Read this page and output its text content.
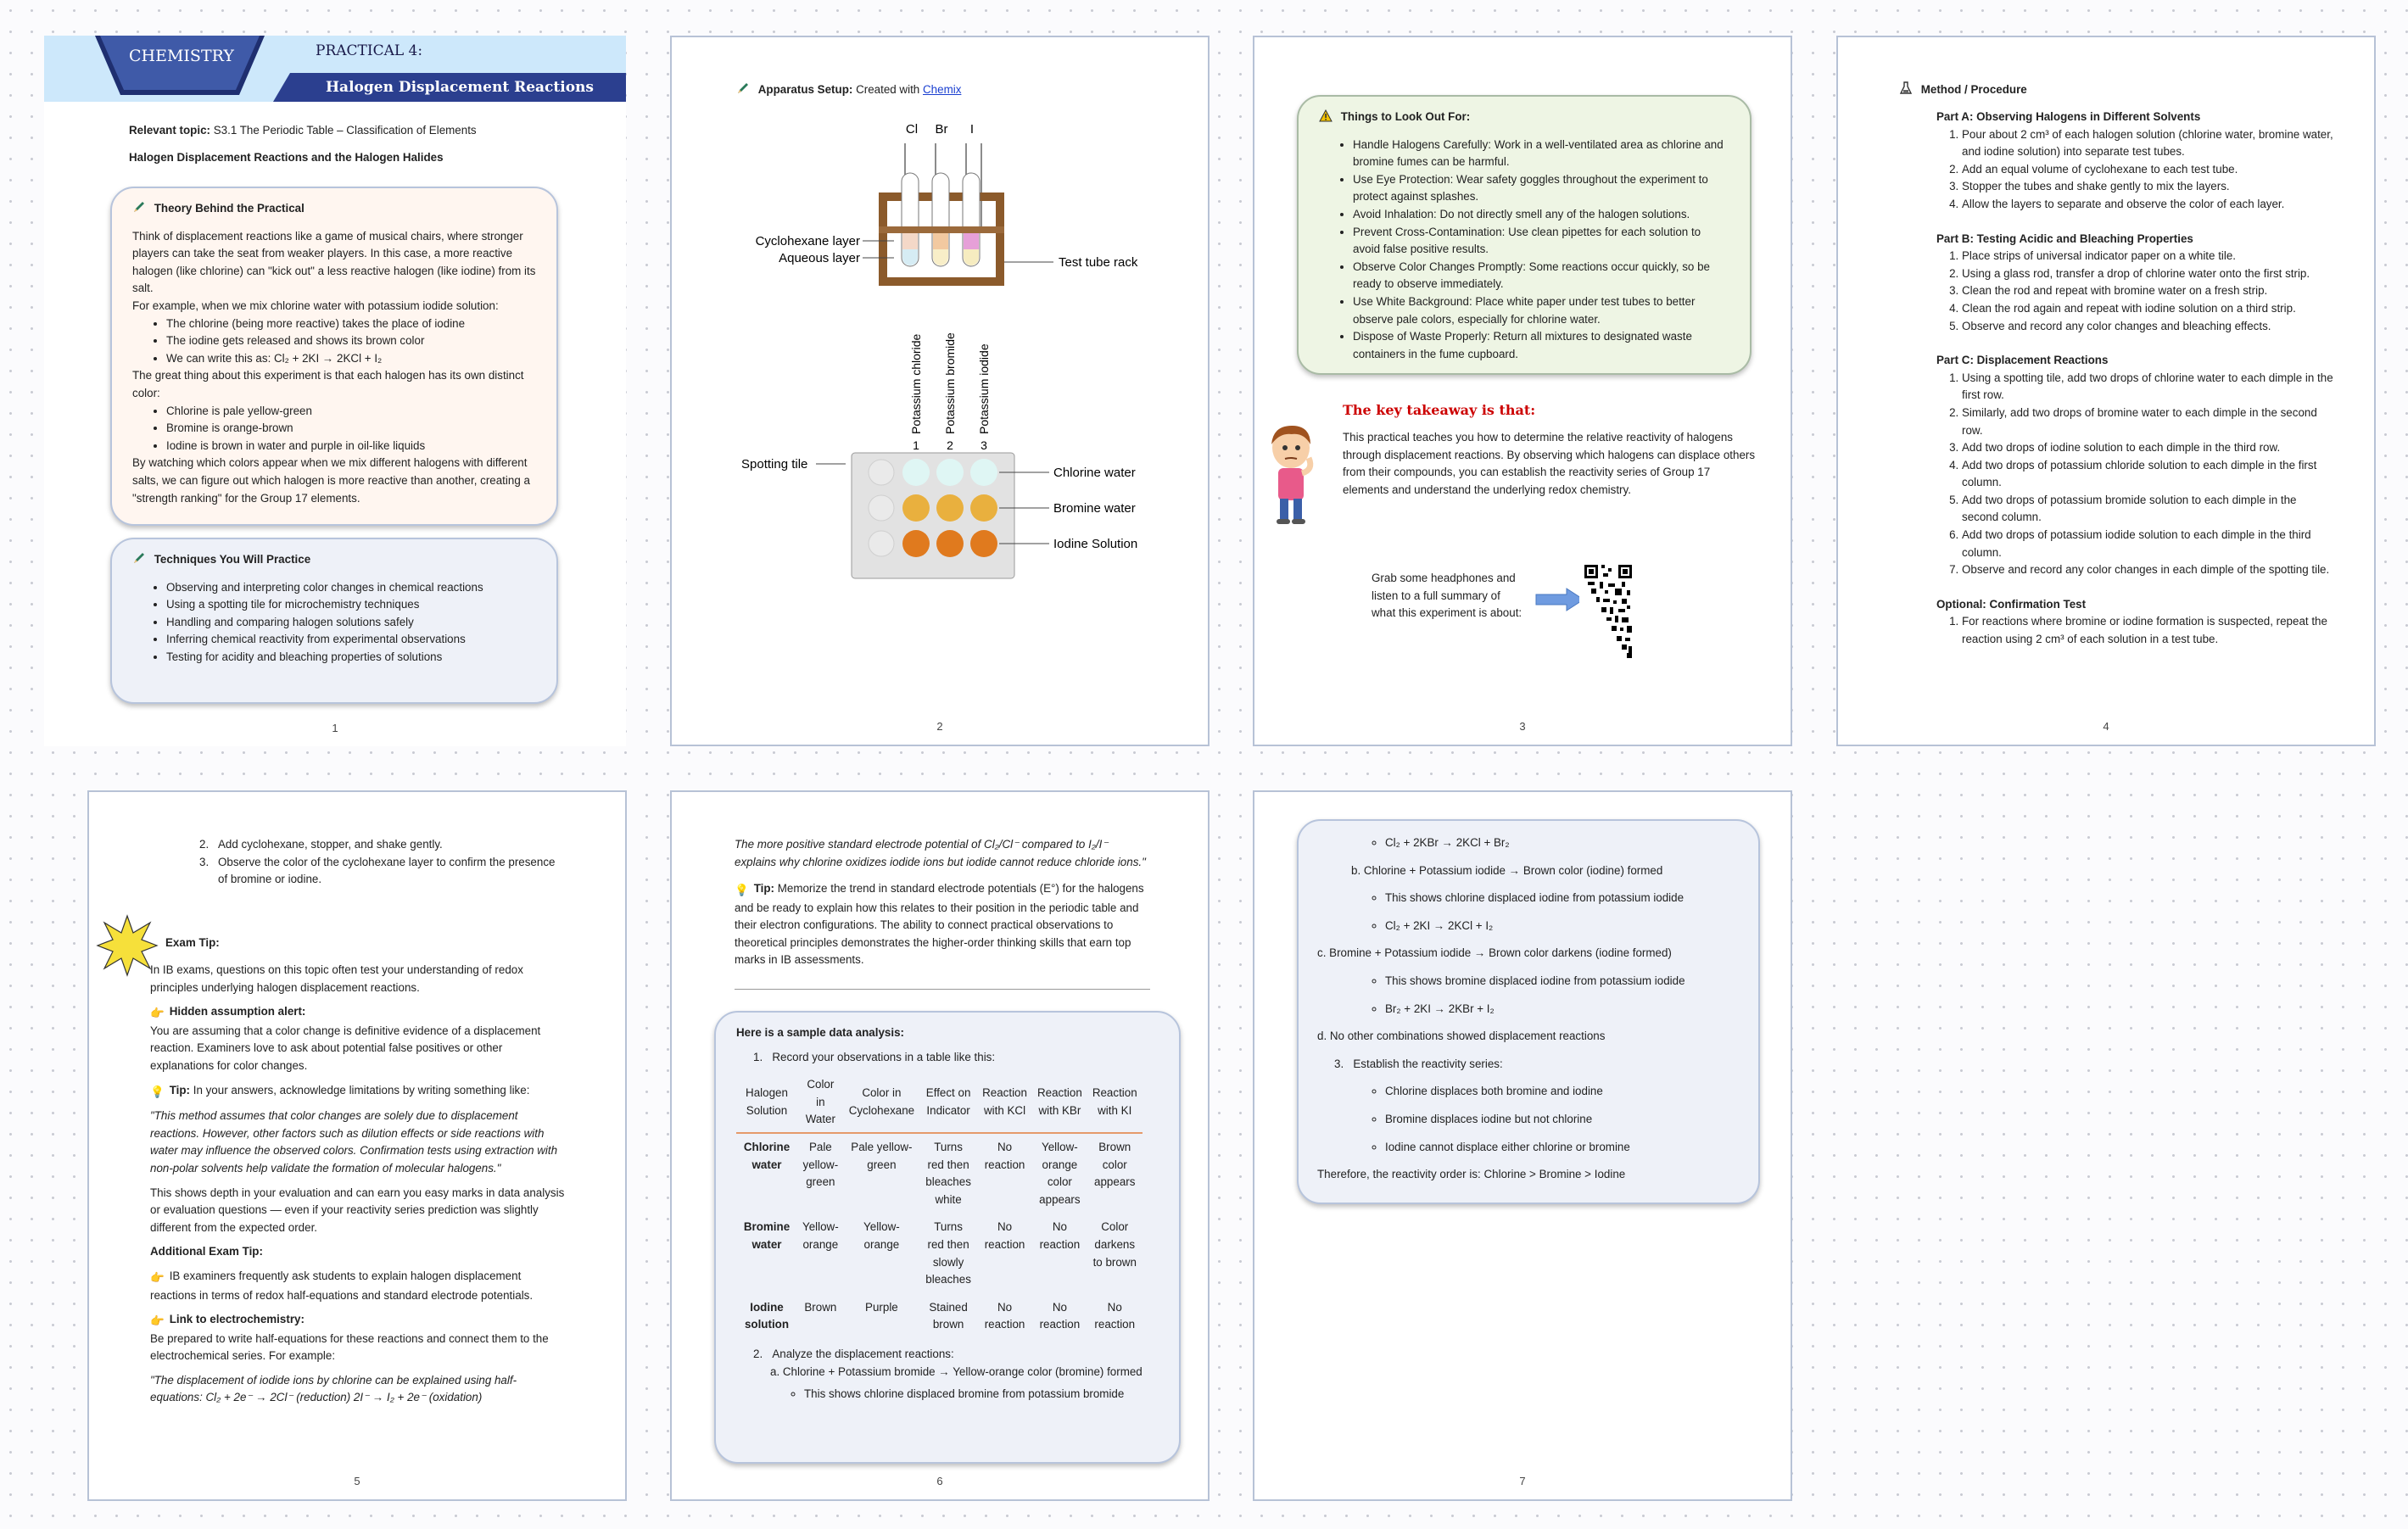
CHEMISTRY	PRACTICAL 4:
Halogen Displacement Reactions
Relevant topic: S3.1 The Periodic Table – Classification of Elements
Halogen Displacement Reactions and the Halogen Halides
Theory Behind the Practical
Think of displacement reactions like a game of musical chairs, where stronger players can take the seat from weaker players. In this case, a more reactive halogen (like chlorine) can "kick out" a less reactive halogen (like iodine) from its salt.
For example, when we mix chlorine water with potassium iodide solution:
• The chlorine (being more reactive) takes the place of iodine
• The iodine gets released and shows its brown color
• We can write this as: Cl₂ + 2KI → 2KCl + I₂
The great thing about this experiment is that each halogen has its own distinct color:
• Chlorine is pale yellow-green
• Bromine is orange-brown
• Iodine is brown in water and purple in oil-like liquids
By watching which colors appear when we mix different halogens with different salts, we can figure out which halogen is more reactive than another, creating a "strength ranking" for the Group 17 elements.
Techniques You Will Practice
• Observing and interpreting color changes in chemical reactions
• Using a spotting tile for microchemistry techniques
• Handling and comparing halogen solutions safely
• Inferring chemical reactivity from experimental observations
• Testing for acidity and bleaching properties of solutions
1
Apparatus Setup: Created with Chemix
Cl Br I
Cyclohexane layer
Aqueous layer	Test tube rack
Potassium chloride Potassium bromide Potassium iodide
1 2 3
Spotting tile
Chlorine water
Bromine water
Iodine Solution
2
Things to Look Out For:
• Handle Halogens Carefully: Work in a well-ventilated area as chlorine and bromine fumes can be harmful.
• Use Eye Protection: Wear safety goggles throughout the experiment to protect against splashes.
• Avoid Inhalation: Do not directly smell any of the halogen solutions.
• Prevent Cross-Contamination: Use clean pipettes for each solution to avoid false positive results.
• Observe Color Changes Promptly: Some reactions occur quickly, so be ready to observe immediately.
• Use White Background: Place white paper under test tubes to better observe pale colors, especially for chlorine water.
• Dispose of Waste Properly: Return all mixtures to designated waste containers in the fume cupboard.
The key takeaway is that:
This practical teaches you how to determine the relative reactivity of halogens through displacement reactions. By observing which halogens can displace others from their compounds, you can establish the reactivity series of Group 17 elements and understand the underlying redox chemistry.
Grab some headphones and listen to a full summary of what this experiment is about:
3
Method / Procedure
Part A: Observing Halogens in Different Solvents
1. Pour about 2 cm³ of each halogen solution (chlorine water, bromine water, and iodine solution) into separate test tubes.
2. Add an equal volume of cyclohexane to each test tube.
3. Stopper the tubes and shake gently to mix the layers.
4. Allow the layers to separate and observe the color of each layer.
Part B: Testing Acidic and Bleaching Properties
1. Place strips of universal indicator paper on a white tile.
2. Using a glass rod, transfer a drop of chlorine water onto the first strip.
3. Clean the rod and repeat with bromine water on a fresh strip.
4. Clean the rod again and repeat with iodine solution on a third strip.
5. Observe and record any color changes and bleaching effects.
Part C: Displacement Reactions
1. Using a spotting tile, add two drops of chlorine water to each dimple in the first row.
2. Similarly, add two drops of bromine water to each dimple in the second row.
3. Add two drops of iodine solution to each dimple in the third row.
4. Add two drops of potassium chloride solution to each dimple in the first column.
5. Add two drops of potassium bromide solution to each dimple in the second column.
6. Add two drops of potassium iodide solution to each dimple in the third column.
7. Observe and record any color changes in each dimple of the spotting tile.
Optional: Confirmation Test
1. For reactions where bromine or iodine formation is suspected, repeat the reaction using 2 cm³ of each solution in a test tube.
4
2. Add cyclohexane, stopper, and shake gently.
3. Observe the color of the cyclohexane layer to confirm the presence of bromine or iodine.
Exam Tip:
In IB exams, questions on this topic often test your understanding of redox principles underlying halogen displacement reactions.
👉 Hidden assumption alert:
You are assuming that a color change is definitive evidence of a displacement reaction. Examiners love to ask about potential false positives or other explanations for color changes.
💡 Tip: In your answers, acknowledge limitations by writing something like:
"This method assumes that color changes are solely due to displacement reactions. However, other factors such as dilution effects or side reactions with water may influence the observed colors. Confirmation tests using extraction with non-polar solvents help validate the formation of molecular halogens."
This shows depth in your evaluation and can earn you easy marks in data analysis or evaluation questions — even if your reactivity series prediction was slightly different from the expected order.
Additional Exam Tip:
👉 IB examiners frequently ask students to explain halogen displacement reactions in terms of redox half-equations and standard electrode potentials.
👉 Link to electrochemistry:
Be prepared to write half-equations for these reactions and connect them to the electrochemical series. For example:
"The displacement of iodide ions by chlorine can be explained using half-equations: Cl₂ + 2e⁻ → 2Cl⁻ (reduction) 2I⁻ → I₂ + 2e⁻ (oxidation)
5
The more positive standard electrode potential of Cl₂/Cl⁻ compared to I₂/I⁻ explains why chlorine oxidizes iodide ions but iodide cannot reduce chloride ions."
💡 Tip: Memorize the trend in standard electrode potentials (E°) for the halogens and be ready to explain how this relates to their position in the periodic table and their electron configurations. The ability to connect practical observations to theoretical principles demonstrates the higher-order thinking skills that earn top marks in IB assessments.
Here is a sample data analysis:
1.   Record your observations in a table like this:
Halogen Solution	Color in Water	Color in Cyclohexane	Effect on Indicator	Reaction with KCl	Reaction with KBr	Reaction with KI
Chlorine water	Pale yellow-green	Pale yellow-green	Turns red then bleaches white	No reaction	Yellow-orange color appears	Brown color appears
Bromine water	Yellow-orange	Yellow-orange	Turns red then slowly bleaches	No reaction	No reaction	Color darkens to brown
Iodine solution	Brown	Purple	Stained brown	No reaction	No reaction	No reaction
2.   Analyze the displacement reactions:
a. Chlorine + Potassium bromide → Yellow-orange color (bromine) formed
◦ This shows chlorine displaced bromine from potassium bromide
6
◦ Cl₂ + 2KBr → 2KCl + Br₂
b. Chlorine + Potassium iodide → Brown color (iodine) formed
◦ This shows chlorine displaced iodine from potassium iodide
◦ Cl₂ + 2KI → 2KCl + I₂
c. Bromine + Potassium iodide → Brown color darkens (iodine formed)
◦ This shows bromine displaced iodine from potassium iodide
◦ Br₂ + 2KI → 2KBr + I₂
d. No other combinations showed displacement reactions
3.   Establish the reactivity series:
◦ Chlorine displaces both bromine and iodine
◦ Bromine displaces iodine but not chlorine
◦ Iodine cannot displace either chlorine or bromine
Therefore, the reactivity order is: Chlorine > Bromine > Iodine
7
